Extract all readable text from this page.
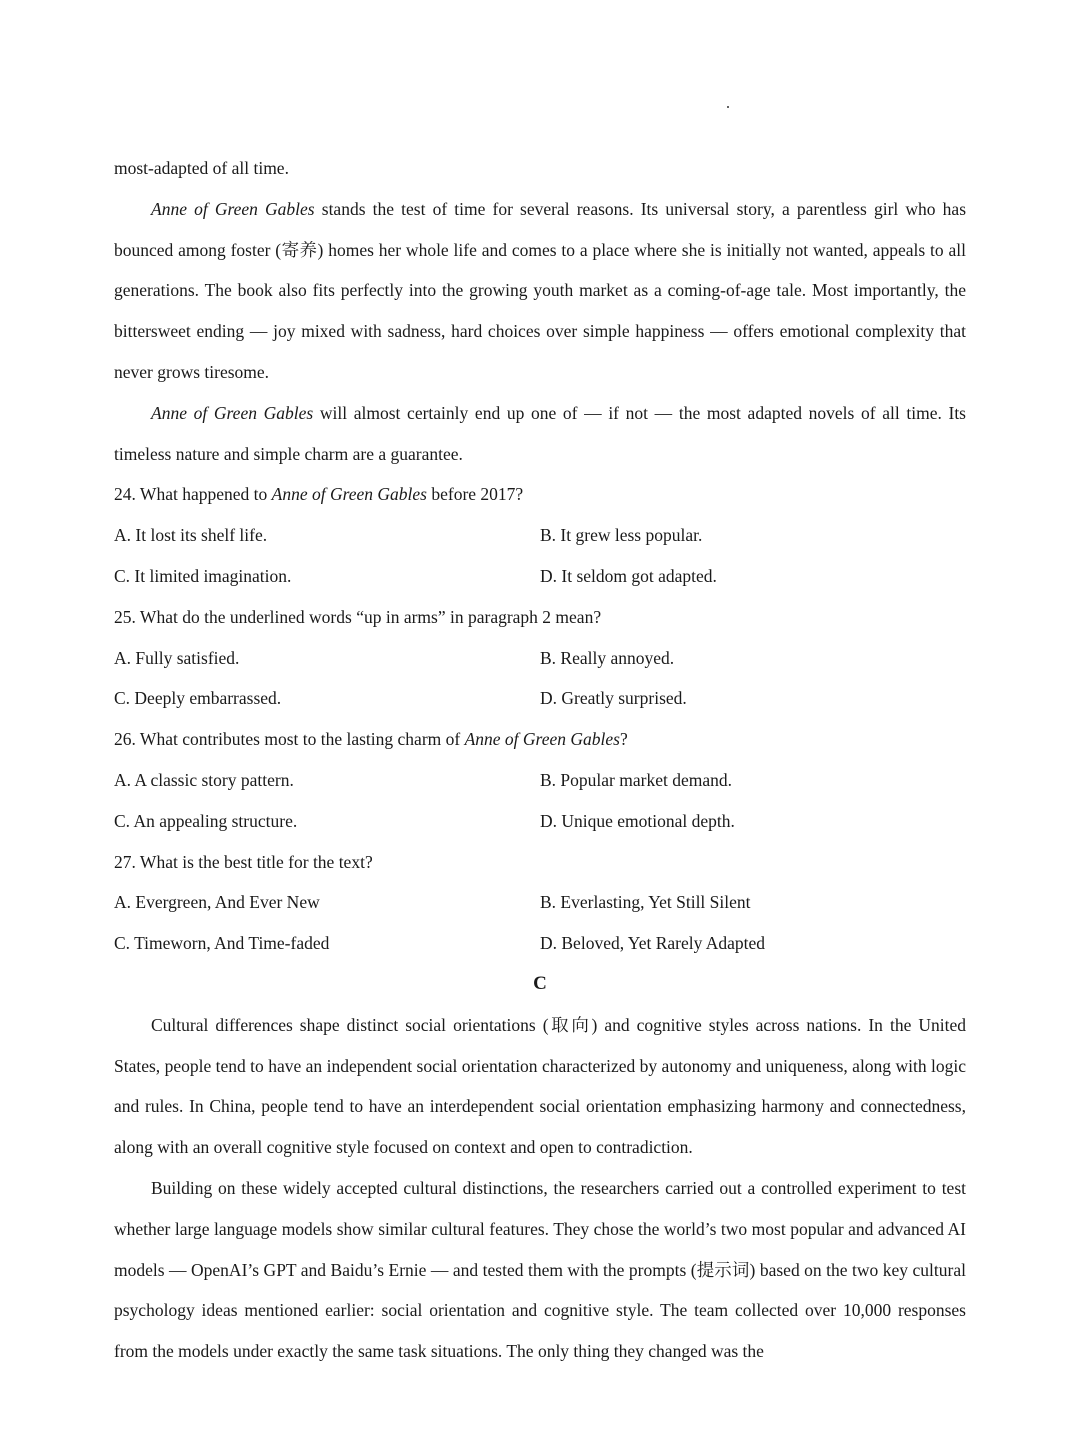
most-adapted of all time.

Anne of Green Gables stands the test of time for several reasons. Its universal story, a parentless girl who has bounced among foster (寄养) homes her whole life and comes to a place where she is initially not wanted, appeals to all generations. The book also fits perfectly into the growing youth market as a coming-of-age tale. Most importantly, the bittersweet ending — joy mixed with sadness, hard choices over simple happiness — offers emotional complexity that never grows tiresome.

Anne of Green Gables will almost certainly end up one of — if not — the most adapted novels of all time. Its timeless nature and simple charm are a guarantee.

24. What happened to Anne of Green Gables before 2017?

A. It lost its shelf life.	B. It grew less popular.
C. It limited imagination.	D. It seldom got adapted.

25. What do the underlined words “up in arms” in paragraph 2 mean?

A. Fully satisfied.	B. Really annoyed.
C. Deeply embarrassed.	D. Greatly surprised.

26. What contributes most to the lasting charm of Anne of Green Gables?

A. A classic story pattern.	B. Popular market demand.
C. An appealing structure.	D. Unique emotional depth.

27. What is the best title for the text?

A. Evergreen, And Ever New	B. Everlasting, Yet Still Silent
C. Timeworn, And Time-faded	D. Beloved, Yet Rarely Adapted

C

Cultural differences shape distinct social orientations (取向) and cognitive styles across nations. In the United States, people tend to have an independent social orientation characterized by autonomy and uniqueness, along with logic and rules. In China, people tend to have an interdependent social orientation emphasizing harmony and connectedness, along with an overall cognitive style focused on context and open to contradiction.

Building on these widely accepted cultural distinctions, the researchers carried out a controlled experiment to test whether large language models show similar cultural features. They chose the world’s two most popular and advanced AI models — OpenAI’s GPT and Baidu’s Ernie — and tested them with the prompts (提示词) based on the two key cultural psychology ideas mentioned earlier: social orientation and cognitive style. The team collected over 10,000 responses from the models under exactly the same task situations. The only thing they changed was the
